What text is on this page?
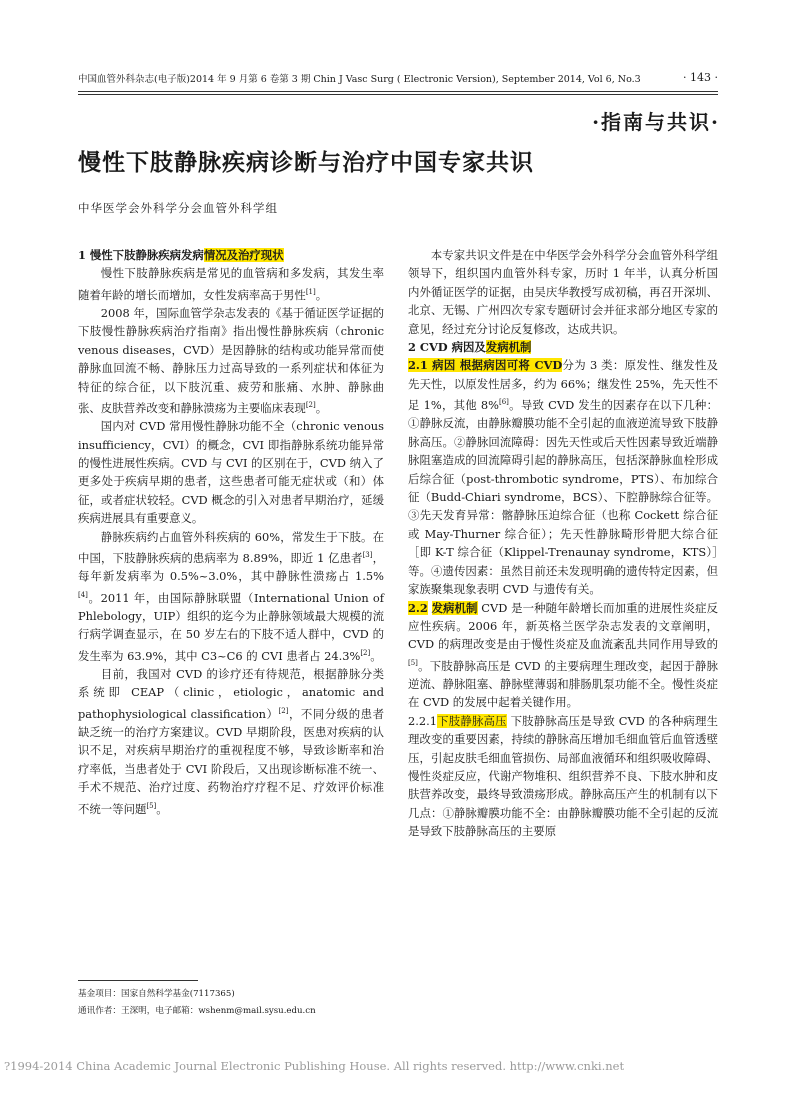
中国血管外科杂志(电子版)2014 年 9 月第 6 卷第 3 期 Chin J Vasc Surg ( Electronic Version), September 2014, Vol 6, No.3	· 143 ·
·指南与共识·
慢性下肢静脉疾病诊断与治疗中国专家共识
中华医学会外科学分会血管外科学组

1 慢性下肢静脉疾病发病情况及治疗现状

慢性下肢静脉疾病是常见的血管病和多发病，其发生率随着年龄的增长而增加，女性发病率高于男性[1]。

2008 年，国际血管学杂志发表的《基于循证医学证据的下肢慢性静脉疾病治疗指南》指出慢性静脉疾病（chronic venous diseases，CVD）是因静脉的结构或功能异常而使静脉血回流不畅、静脉压力过高导致的一系列症状和体征为特征的综合征，以下肢沉重、疲劳和胀痛、水肿、静脉曲张、皮肤营养改变和静脉溃疡为主要临床表现[2]。

国内对 CVD 常用慢性静脉功能不全（chronic venous insufficiency，CVI）的概念，CVI 即指静脉系统功能异常的慢性进展性疾病。CVD 与 CVI 的区别在于，CVD 纳入了更多处于疾病早期的患者，这些患者可能无症状或（和）体征，或者症状较轻。CVD 概念的引入对患者早期治疗，延缓疾病进展具有重要意义。

静脉疾病约占血管外科疾病的 60%，常发生于下肢。在中国，下肢静脉疾病的患病率为 8.89%，即近 1 亿患者[3]，每年新发病率为 0.5%~3.0%，其中静脉性溃疡占 1.5%[4]。2011 年，由国际静脉联盟（International Union of Phlebology，UIP）组织的迄今为止静脉领域最大规模的流行病学调查显示，在 50 岁左右的下肢不适人群中，CVD 的发生率为 63.9%，其中 C3~C6 的 CVI 患者占 24.3%[2]。

目前，我国对 CVD 的诊疗还有待规范，根据静脉分类系统即 CEAP（clinic，etiologic，anatomic and pathophysiological classification）[2]，不同分级的患者缺乏统一的治疗方案建议。CVD 早期阶段，医患对疾病的认识不足，对疾病早期治疗的重视程度不够，导致诊断率和治疗率低，当患者处于 CVI 阶段后，又出现诊断标准不统一、手术不规范、治疗过度、药物治疗疗程不足、疗效评价标准不统一等问题[5]。

本专家共识文件是在中华医学会外科学分会血管外科学组领导下，组织国内血管外科专家，历时 1 年半，认真分析国内外循证医学的证据，由吴庆华教授写成初稿，再召开深圳、北京、无锡、广州四次专家专题研讨会并征求部分地区专家的意见，经过充分讨论反复修改，达成共识。

2 CVD 病因及发病机制

2.1 病因 根据病因可将 CVD分为 3 类：原发性、继发性及先天性，以原发性居多，约为 66%；继发性 25%，先天性不足 1%，其他 8%[6]。导致 CVD 发生的因素存在以下几种：①静脉反流，由静脉瓣膜功能不全引起的血液逆流导致下肢静脉高压。②静脉回流障碍：因先天性或后天性因素导致近端静脉阻塞造成的回流障碍引起的静脉高压，包括深静脉血栓形成后综合征（post-thrombotic syndrome，PTS）、布加综合征（Budd-Chiari syndrome，BCS）、下腔静脉综合征等。③先天发育异常：髂静脉压迫综合征（也称 Cockett 综合征或 May-Thurner 综合征）；先天性静脉畸形骨肥大综合征［即 K-T 综合征（Klippel-Trenaunay syndrome，KTS）］等。④遗传因素：虽然目前还未发现明确的遗传特定因素，但家族聚集现象表明 CVD 与遗传有关。

2.2 发病机制 CVD 是一种随年龄增长而加重的进展性炎症反应性疾病。2006 年，新英格兰医学杂志发表的文章阐明，CVD 的病理改变是由于慢性炎症及血流紊乱共同作用导致的[5]。下肢静脉高压是 CVD 的主要病理生理改变，起因于静脉逆流、静脉阻塞、静脉壁薄弱和腓肠肌泵功能不全。慢性炎症在 CVD 的发展中起着关键作用。

2.2.1下肢静脉高压 下肢静脉高压是导致 CVD 的各种病理生理改变的重要因素，持续的静脉高压增加毛细血管后血管透壁压，引起皮肤毛细血管损伤、局部血液循环和组织吸收障碍、慢性炎症反应，代谢产物堆积、组织营养不良、下肢水肿和皮肤营养改变，最终导致溃疡形成。静脉高压产生的机制有以下几点：①静脉瓣膜功能不全：由静脉瓣膜功能不全引起的反流是导致下肢静脉高压的主要原

基金项目：国家自然科学基金(7117365)
通讯作者：王深明，电子邮箱：wshenm@mail.sysu.edu.cn
?1994-2014 China Academic Journal Electronic Publishing House. All rights reserved. http://www.cnki.net
